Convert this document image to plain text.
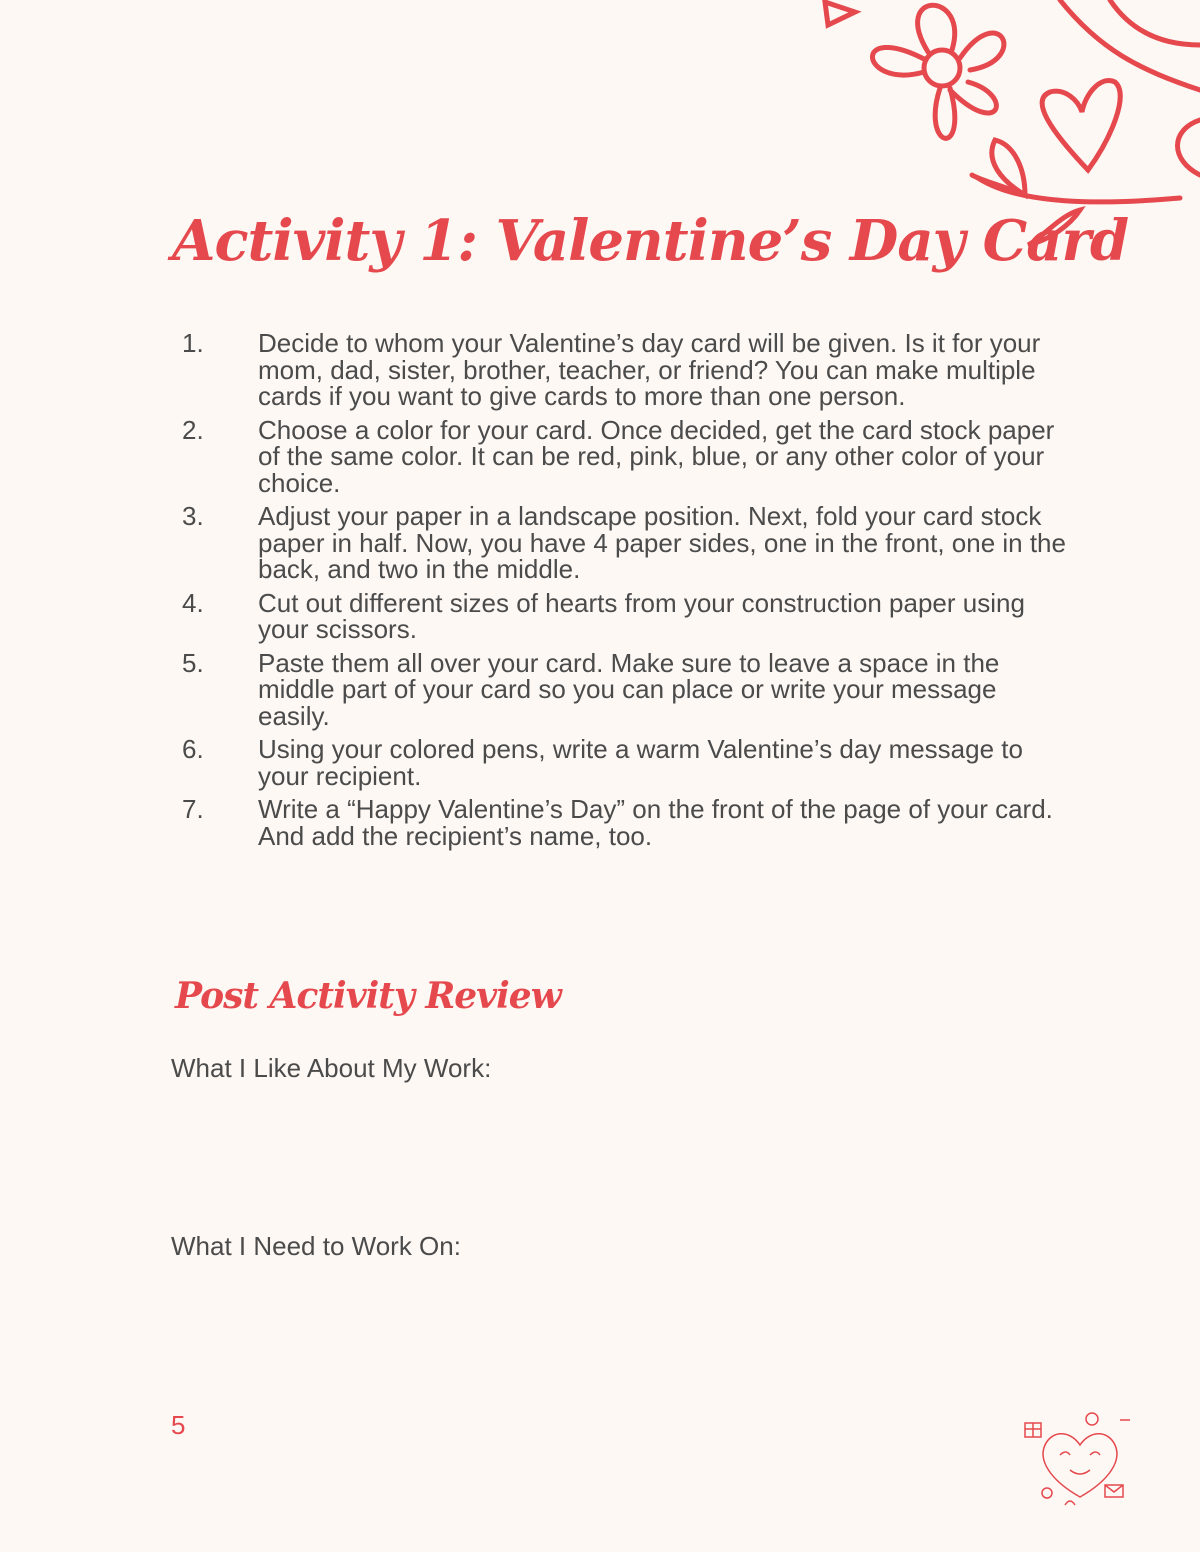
Activity 1: Valentine’s Day Card
1.	Decide to whom your Valentine’s day card will be given. Is it for your mom, dad, sister, brother, teacher, or friend? You can make multiple cards if you want to give cards to more than one person.
2.	Choose a color for your card. Once decided, get the card stock paper of the same color. It can be red, pink, blue, or any other color of your choice.
3.	Adjust your paper in a landscape position. Next, fold your card stock paper in half. Now, you have 4 paper sides, one in the front, one in the back, and two in the middle.
4.	Cut out different sizes of hearts from your construction paper using your scissors.
5.	Paste them all over your card. Make sure to leave a space in the middle part of your card so you can place or write your message easily.
6.	Using your colored pens, write a warm Valentine’s day message to your recipient.
7.	Write a “Happy Valentine’s Day” on the front of the page of your card. And add the recipient’s name, too.
Post Activity Review
What I Like About My Work:
What I Need to Work On:
5
